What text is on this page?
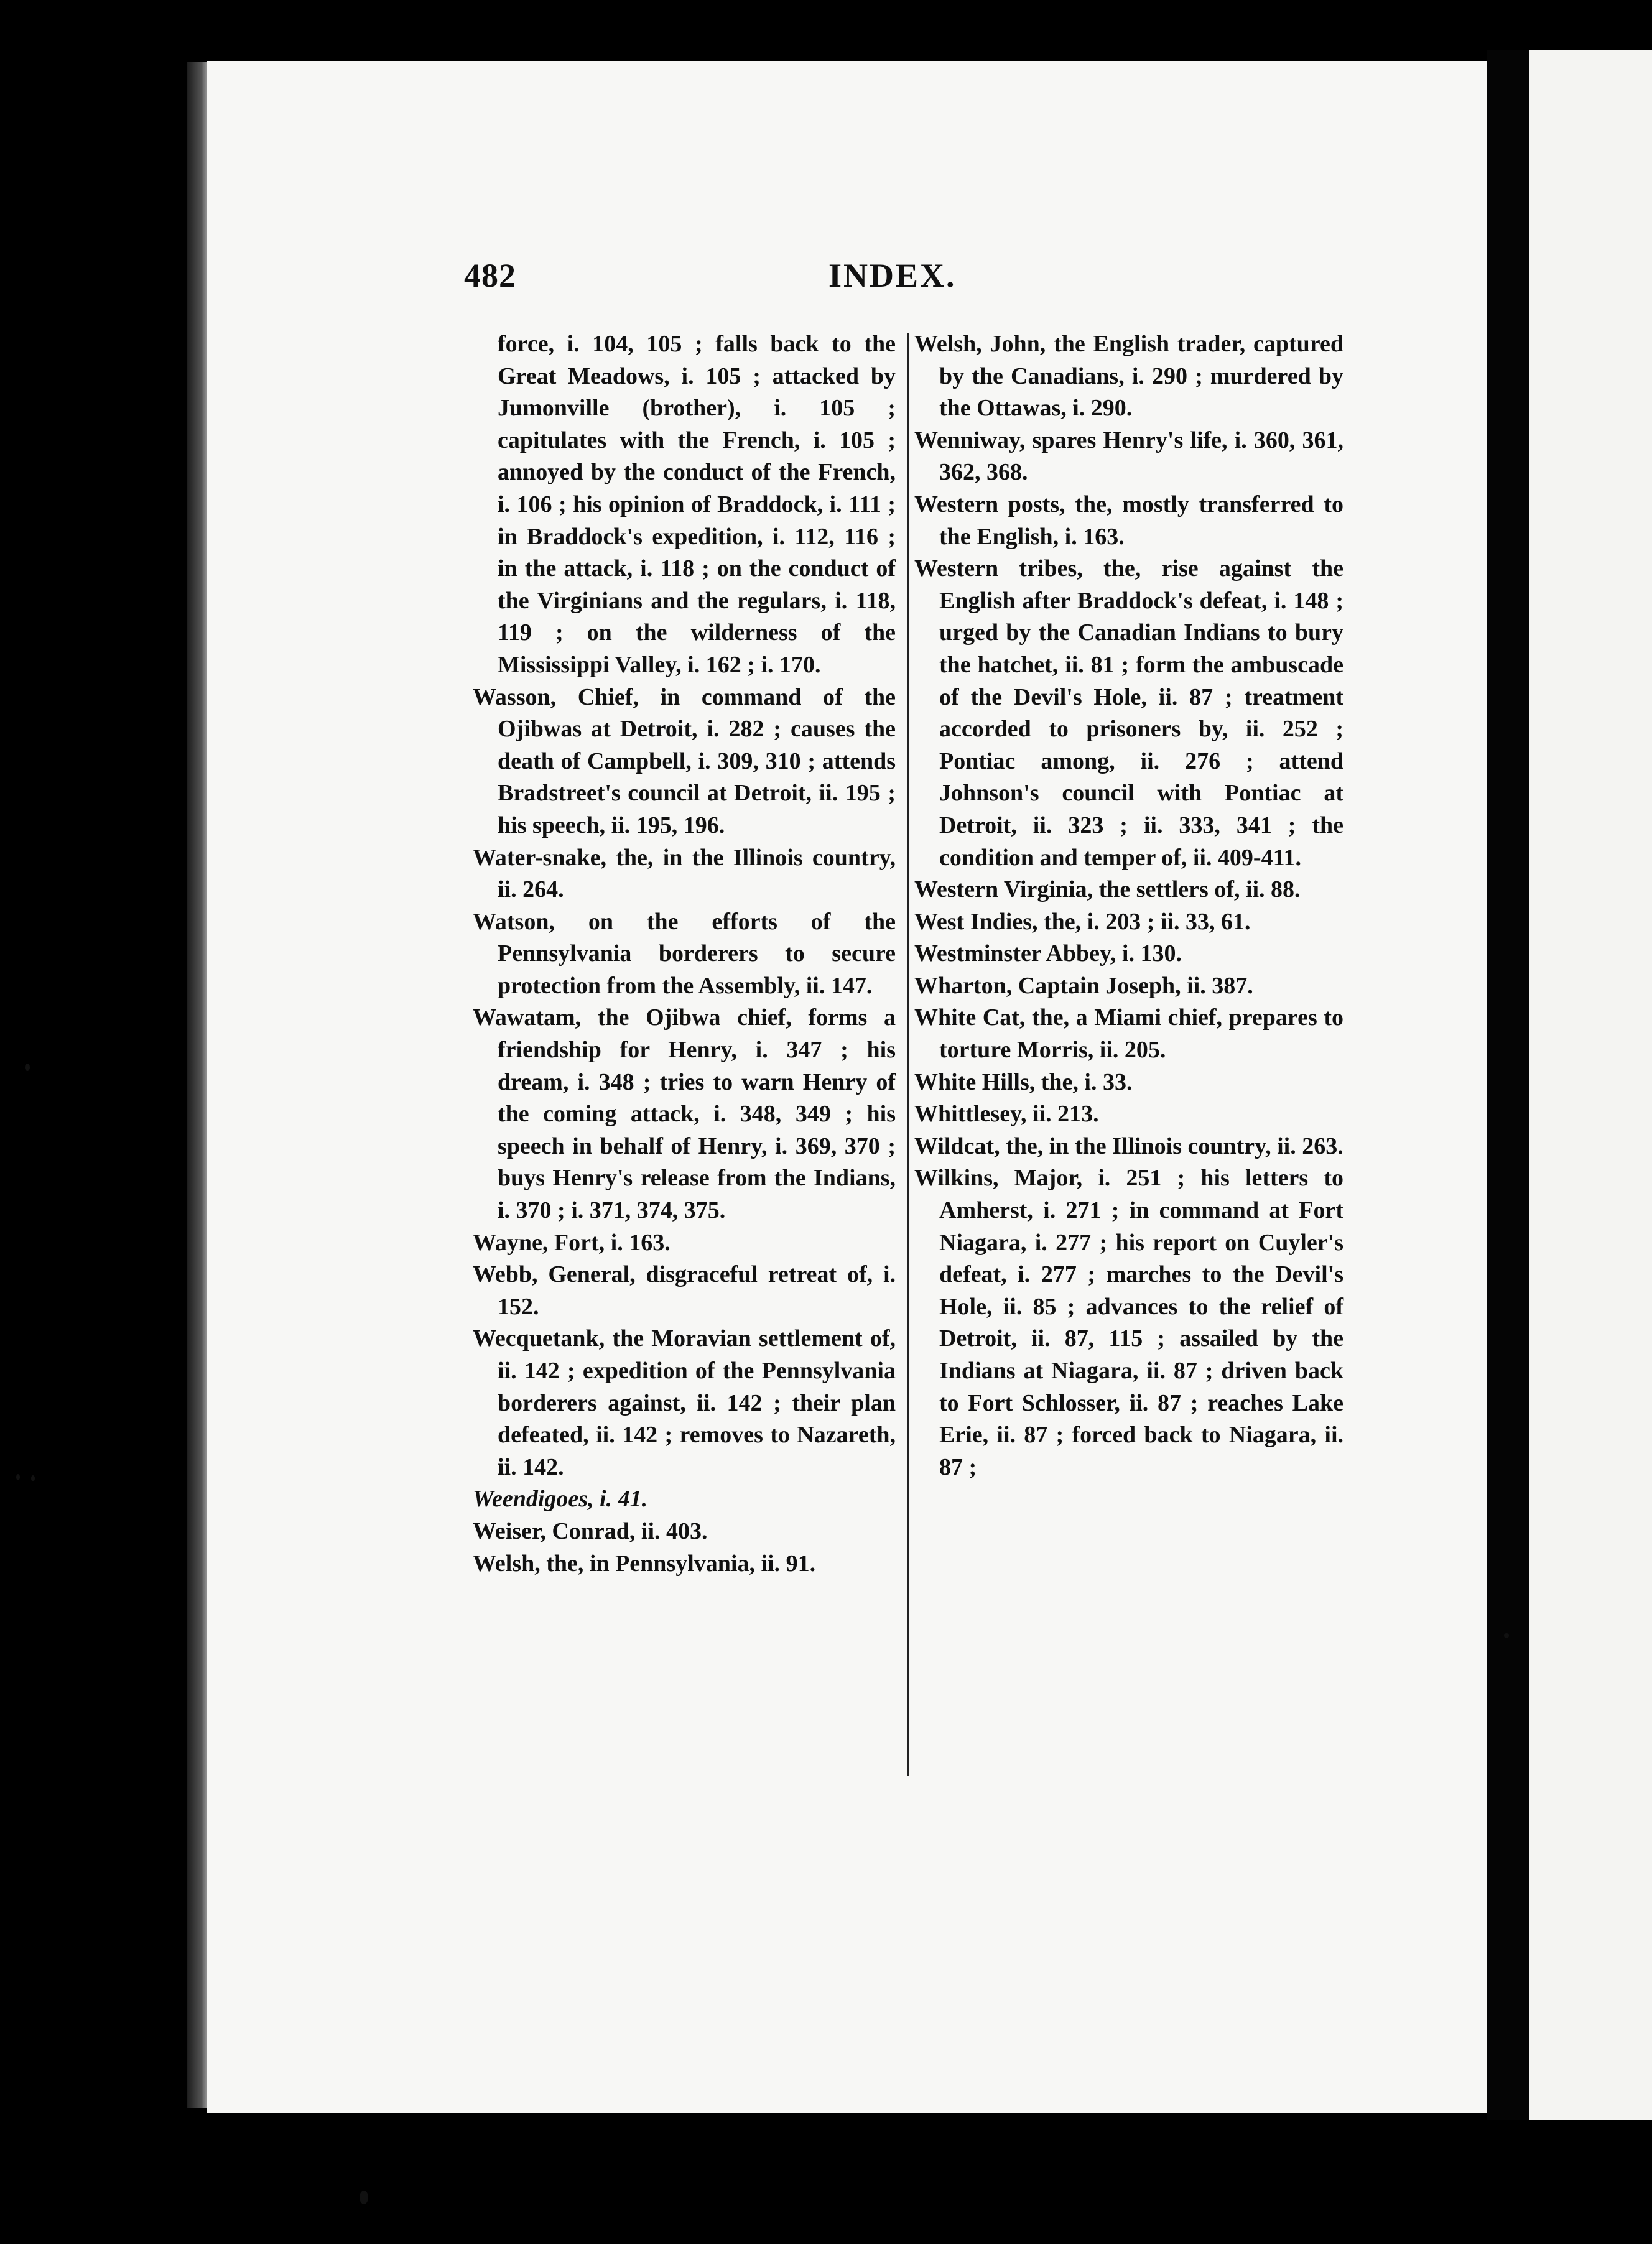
482	INDEX.

force, i. 104, 105 ; falls back to the Great Meadows, i. 105 ; attacked by Jumonville (brother), i. 105 ; capitulates with the French, i. 105 ; annoyed by the conduct of the French, i. 106 ; his opinion of Braddock, i. 111 ; in Braddock's expedition, i. 112, 116 ; in the attack, i. 118 ; on the conduct of the Virginians and the regulars, i. 118, 119 ; on the wilderness of the Mississippi Valley, i. 162 ; i. 170.

Wasson, Chief, in command of the Ojibwas at Detroit, i. 282 ; causes the death of Campbell, i. 309, 310 ; attends Bradstreet's council at Detroit, ii. 195 ; his speech, ii. 195, 196.

Water-snake, the, in the Illinois country, ii. 264.

Watson, on the efforts of the Pennsylvania borderers to secure protection from the Assembly, ii. 147.

Wawatam, the Ojibwa chief, forms a friendship for Henry, i. 347 ; his dream, i. 348 ; tries to warn Henry of the coming attack, i. 348, 349 ; his speech in behalf of Henry, i. 369, 370 ; buys Henry's release from the Indians, i. 370 ; i. 371, 374, 375.

Wayne, Fort, i. 163.

Webb, General, disgraceful retreat of, i. 152.

Wecquetank, the Moravian settlement of, ii. 142 ; expedition of the Pennsylvania borderers against, ii. 142 ; their plan defeated, ii. 142 ; removes to Nazareth, ii. 142.

Weendigoes, i. 41.

Weiser, Conrad, ii. 403.

Welsh, the, in Pennsylvania, ii. 91.

Welsh, John, the English trader, captured by the Canadians, i. 290 ; murdered by the Ottawas, i. 290.

Wenniway, spares Henry's life, i. 360, 361, 362, 368.

Western posts, the, mostly transferred to the English, i. 163.

Western tribes, the, rise against the English after Braddock's defeat, i. 148 ; urged by the Canadian Indians to bury the hatchet, ii. 81 ; form the ambuscade of the Devil's Hole, ii. 87 ; treatment accorded to prisoners by, ii. 252 ; Pontiac among, ii. 276 ; attend Johnson's council with Pontiac at Detroit, ii. 323 ; ii. 333, 341 ; the condition and temper of, ii. 409-411.

Western Virginia, the settlers of, ii. 88.

West Indies, the, i. 203 ; ii. 33, 61.

Westminster Abbey, i. 130.

Wharton, Captain Joseph, ii. 387.

White Cat, the, a Miami chief, prepares to torture Morris, ii. 205.

White Hills, the, i. 33.

Whittlesey, ii. 213.

Wildcat, the, in the Illinois country, ii. 263.

Wilkins, Major, i. 251 ; his letters to Amherst, i. 271 ; in command at Fort Niagara, i. 277 ; his report on Cuyler's defeat, i. 277 ; marches to the Devil's Hole, ii. 85 ; advances to the relief of Detroit, ii. 87, 115 ; assailed by the Indians at Niagara, ii. 87 ; driven back to Fort Schlosser, ii. 87 ; reaches Lake Erie, ii. 87 ; forced back to Niagara, ii. 87 ;
